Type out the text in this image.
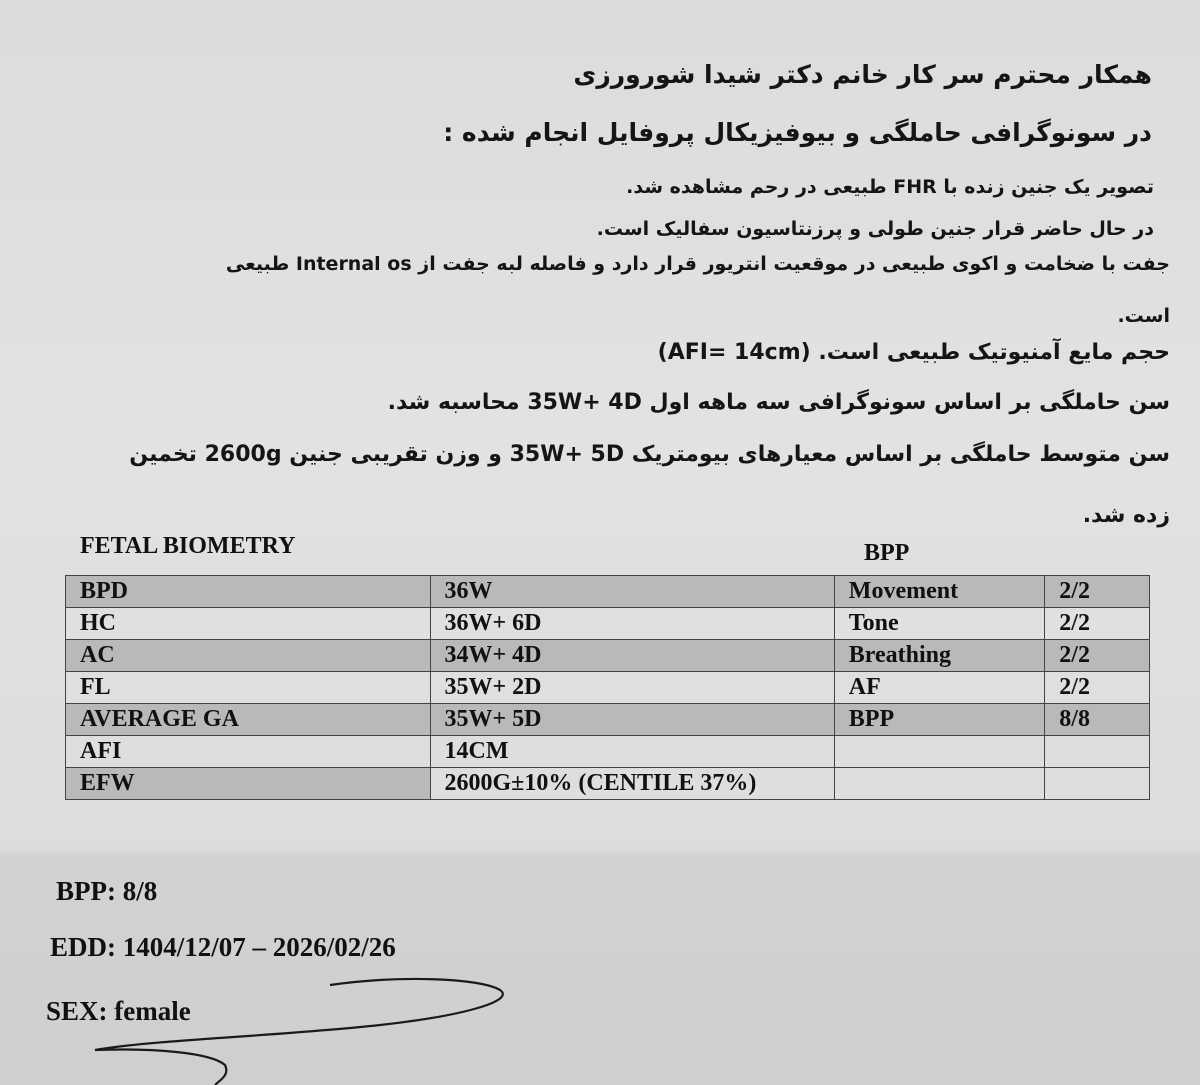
همکار محترم سر کار خانم دکتر شیدا شورورزی
در سونوگرافی حاملگی و بیوفیزیکال پروفایل انجام شده :
تصویر یک جنین زنده با FHR طبیعی در رحم مشاهده شد.
در حال حاضر قرار جنین طولی و پرزنتاسیون سفالیک است.
جفت با ضخامت و اکوی طبیعی در موقعیت انتریور قرار دارد و فاصله لبه جفت از Internal os طبیعی
است.
حجم مایع آمنیوتیک طبیعی است. (AFI= 14cm)
سن حاملگی بر اساس سونوگرافی سه ماهه اول 35W+ 4D محاسبه شد.
سن متوسط حاملگی بر اساس معیارهای بیومتریک 35W+ 5D و وزن تقریبی جنین 2600g تخمین
زده شد.
FETAL BIOMETRY	BPP
BPD	36W	Movement	2/2
HC	36W+ 6D	Tone	2/2
AC	34W+ 4D	Breathing	2/2
FL	35W+ 2D	AF	2/2
AVERAGE GA	35W+ 5D	BPP	8/8
AFI	14CM		
EFW	2600G±10% (CENTILE 37%)		
BPP: 8/8
EDD: 1404/12/07 – 2026/02/26
SEX: female
